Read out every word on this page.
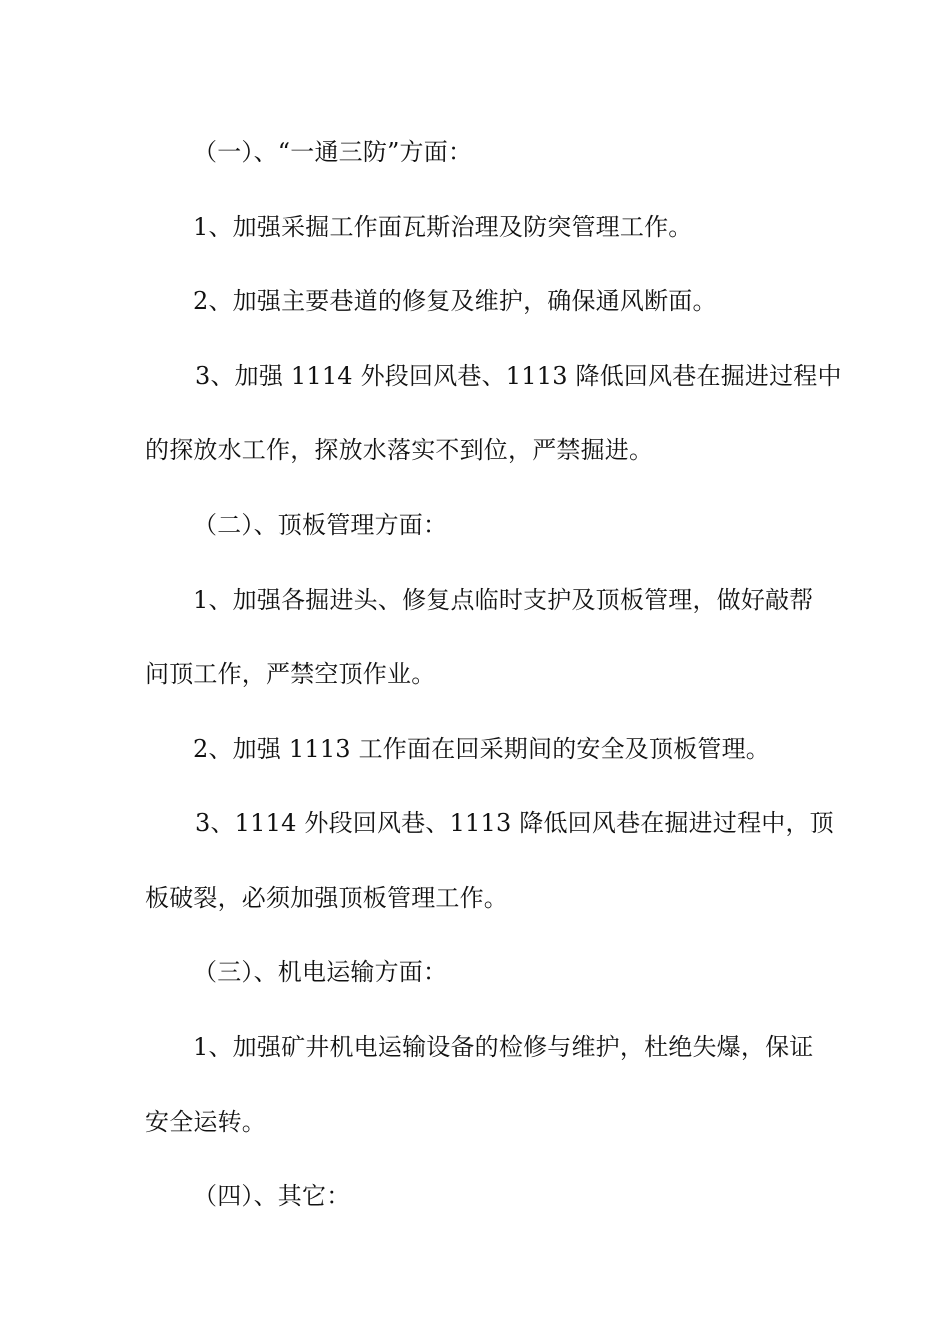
（一）、“一通三防”方面：
1、加强采掘工作面瓦斯治理及防突管理工作。
2、加强主要巷道的修复及维护，确保通风断面。
3、加强 1114 外段回风巷、1113 降低回风巷在掘进过程中
的探放水工作，探放水落实不到位，严禁掘进。
（二）、顶板管理方面：
1、加强各掘进头、修复点临时支护及顶板管理，做好敲帮
问顶工作，严禁空顶作业。
2、加强 1113 工作面在回采期间的安全及顶板管理。
3、1114 外段回风巷、1113 降低回风巷在掘进过程中，顶
板破裂，必须加强顶板管理工作。
（三）、机电运输方面：
1、加强矿井机电运输设备的检修与维护，杜绝失爆，保证
安全运转。
（四）、其它：
